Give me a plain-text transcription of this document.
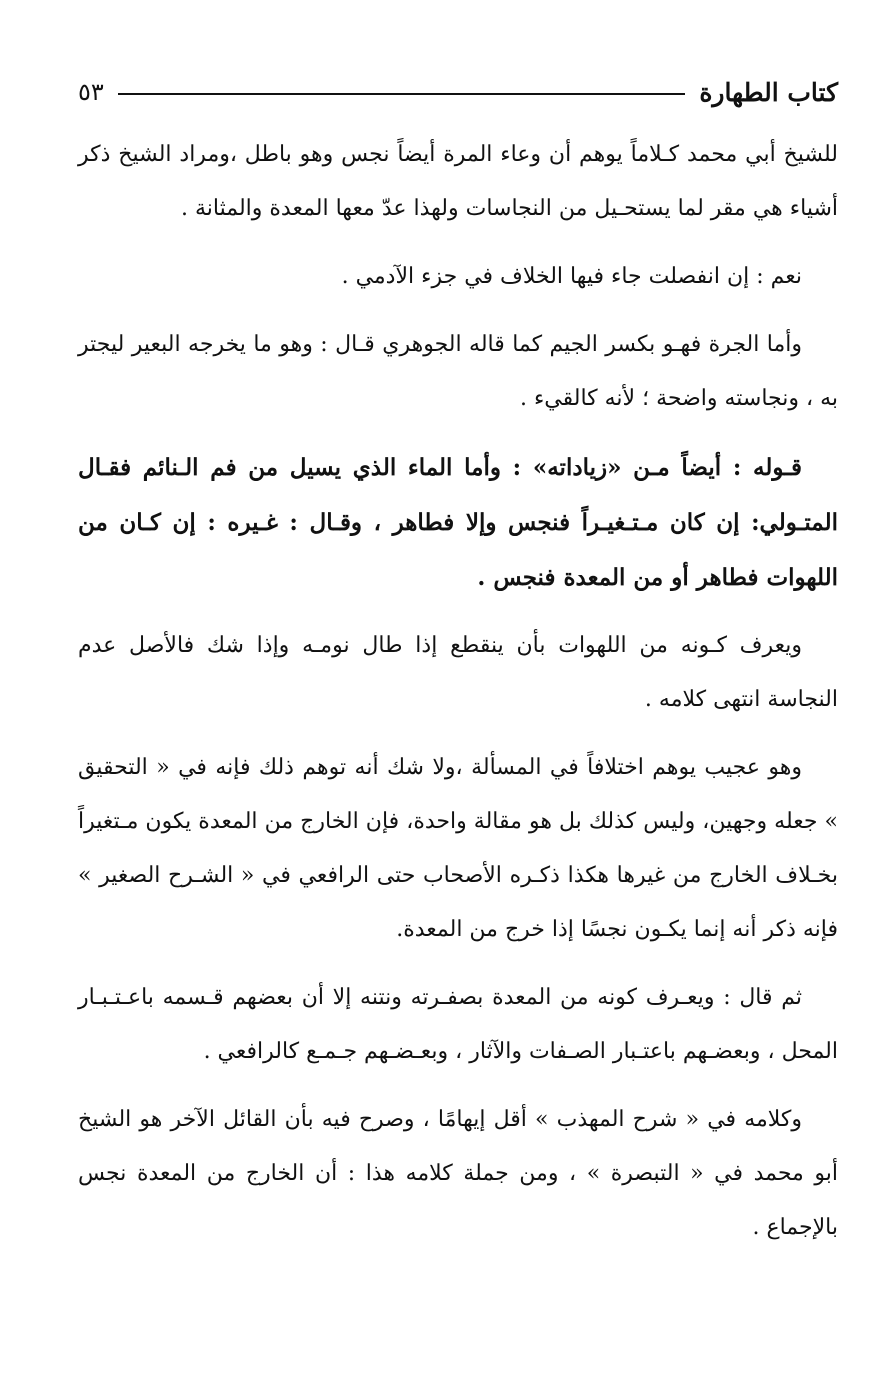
كتاب الطهارة
٥٣

للشيخ أبي محمد كـلاماً يوهم أن وعاء المرة أيضاً نجس وهو باطل ،ومراد الشيخ ذكر أشياء هي مقر لما يستحـيل من النجاسات ولهذا عدّ معها المعدة والمثانة .

نعم : إن انفصلت جاء فيها الخلاف في جزء الآدمي .

وأما الجرة فهـو بكسر الجيم كما قاله الجوهري قـال : وهو ما يخرجه البعير ليجتر به ، ونجاسته واضحة ؛ لأنه كالقيء .

قـوله : أيضاً مـن «زياداته» : وأما الماء الذي يسيل من فم الـنائم فقـال المتـولي: إن كان مـتـغيـراً فنجس وإلا فطاهر ، وقـال : غـيره : إن كـان من اللهوات فطاهر أو من المعدة فنجس .

ويعرف كـونه من اللهوات بأن ينقطع إذا طال نومـه وإذا شك فالأصل عدم النجاسة انتهى كلامه .

وهو عجيب يوهم اختلافاً في المسألة ،ولا شك أنه توهم ذلك فإنه في « التحقيق » جعله وجهين، وليس كذلك بل هو مقالة واحدة، فإن الخارج من المعدة يكون مـتغيراً بخـلاف الخارج من غيرها هكذا ذكـره الأصحاب حتى الرافعي في « الشـرح الصغير » فإنه ذكر أنه إنما يكـون نجسًا إذا خرج من المعدة.

ثم قال : ويعـرف كونه من المعدة بصفـرته ونتنه إلا أن بعضهم قـسمه باعـتـبـار المحل ، وبعضـهم باعتـبار الصـفات والآثار ، وبعـضـهم جـمـع كالرافعي .

وكلامه في « شرح المهذب » أقل إيهامًا ، وصرح فيه بأن القائل الآخر هو الشيخ أبو محمد في « التبصرة » ، ومن جملة كلامه هذا : أن الخارج من المعدة نجس بالإجماع .
